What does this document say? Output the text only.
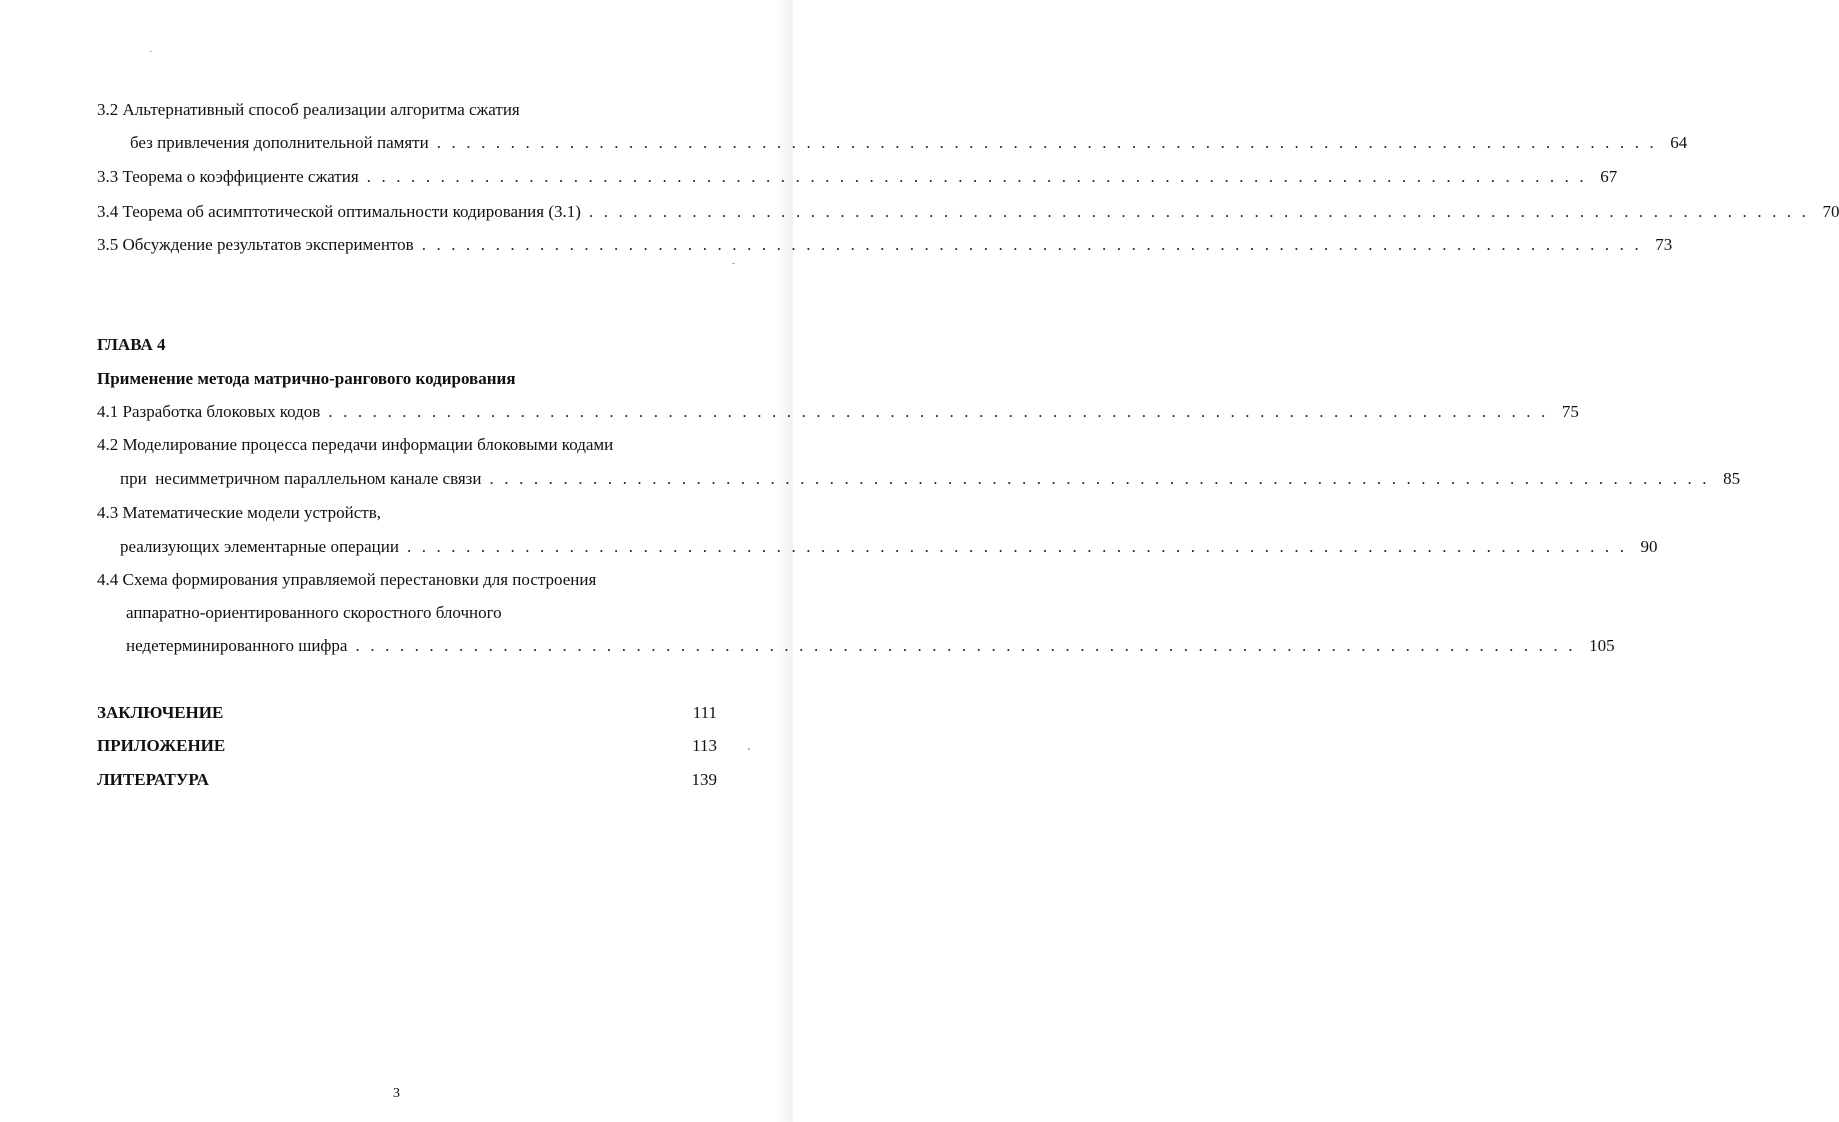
3.2 Альтернативный способ реализации алгоритма сжатия
без привлечения дополнительной памяти ................................................................................... 64
3.3 Теорема о коэффициенте сжатия ................................................................................... 67
3.4 Теорема об асимптотической оптимальности кодирования (3.1) ................................................................................... 70
3.5 Обсуждение результатов экспериментов ................................................................................... 73
ГЛАВА 4
Применение метода матрично-рангового кодирования
4.1 Разработка блоковых кодов ................................................................................... 75
4.2 Моделирование процесса передачи информации блоковыми кодами
при  несимметричном параллельном канале связи ................................................................................... 85
4.3 Математические модели устройств,
реализующих элементарные операции ................................................................................... 90
4.4 Схема формирования управляемой перестановки для построения
аппаратно-ориентированного скоростного блочного
недетерминированного шифра ................................................................................... 105
ЗАКЛЮЧЕНИЕ	111
ПРИЛОЖЕНИЕ	113
ЛИТЕРАТУРА	139
3
